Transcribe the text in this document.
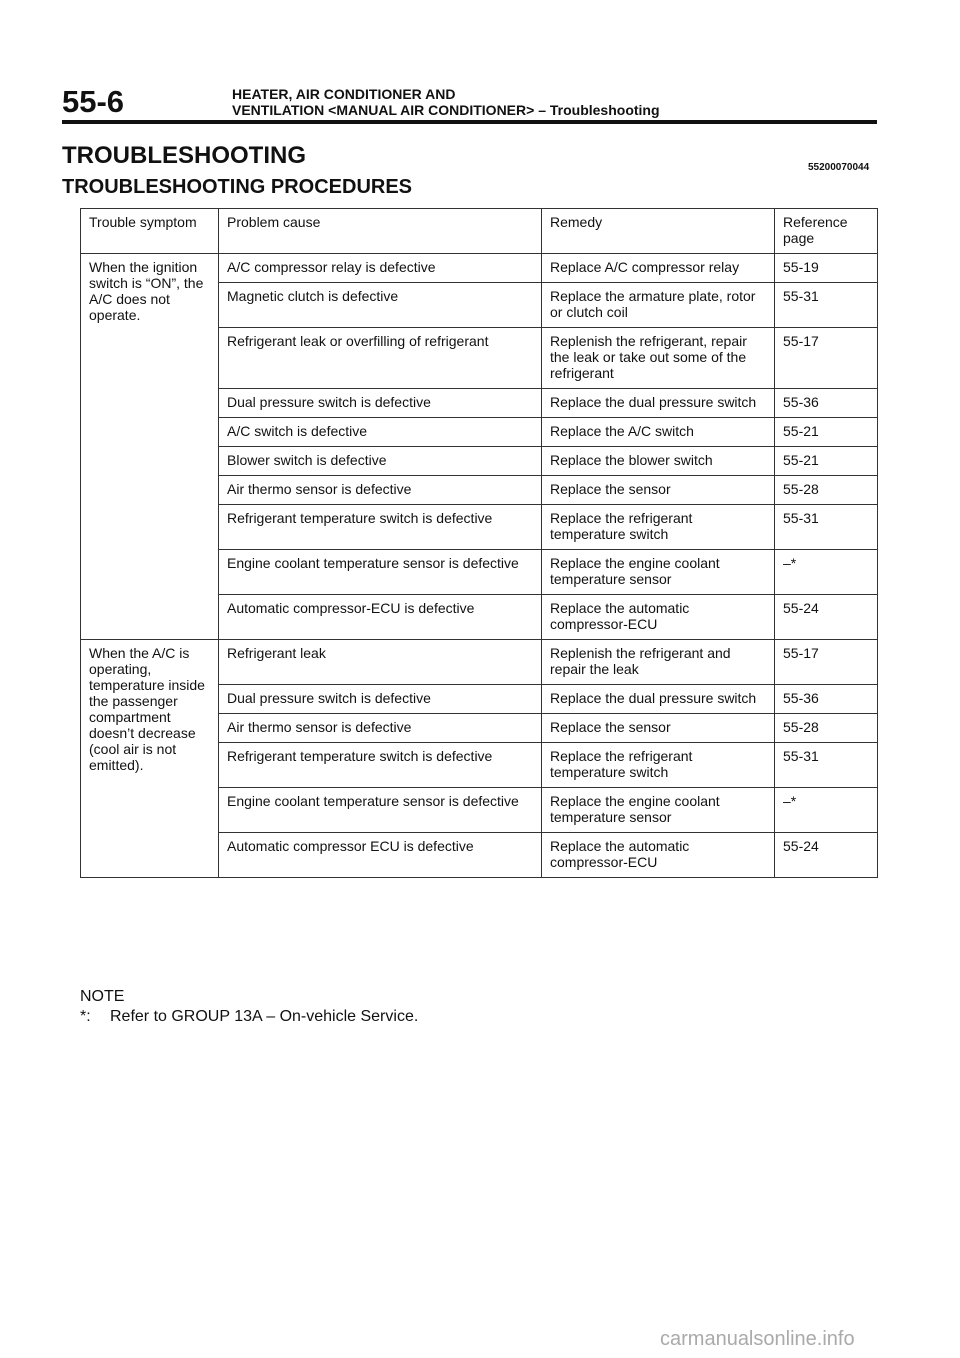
55-6	HEATER, AIR CONDITIONER AND
VENTILATION <MANUAL AIR CONDITIONER> – Troubleshooting
TROUBLESHOOTING	55200070044
TROUBLESHOOTING PROCEDURES
Trouble symptom	Problem cause	Remedy	Reference page
When the ignition switch is “ON”, the A/C does not operate.	A/C compressor relay is defective	Replace A/C compressor relay	55-19
	Magnetic clutch is defective	Replace the armature plate, rotor or clutch coil	55-31
	Refrigerant leak or overfilling of refrigerant	Replenish the refrigerant, repair the leak or take out some of the refrigerant	55-17
	Dual pressure switch is defective	Replace the dual pressure switch	55-36
	A/C switch is defective	Replace the A/C switch	55-21
	Blower switch is defective	Replace the blower switch	55-21
	Air thermo sensor is defective	Replace the sensor	55-28
	Refrigerant temperature switch is defective	Replace the refrigerant temperature switch	55-31
	Engine coolant temperature sensor is defective	Replace the engine coolant temperature sensor	–*
	Automatic compressor-ECU is defective	Replace the automatic compressor-ECU	55-24
When the A/C is operating, temperature inside the passenger compartment doesn’t decrease (cool air is not emitted).	Refrigerant leak	Replenish the refrigerant and repair the leak	55-17
	Dual pressure switch is defective	Replace the dual pressure switch	55-36
	Air thermo sensor is defective	Replace the sensor	55-28
	Refrigerant temperature switch is defective	Replace the refrigerant temperature switch	55-31
	Engine coolant temperature sensor is defective	Replace the engine coolant temperature sensor	–*
	Automatic compressor ECU is defective	Replace the automatic compressor-ECU	55-24
NOTE
*: Refer to GROUP 13A – On-vehicle Service.
carmanualsonline.info
